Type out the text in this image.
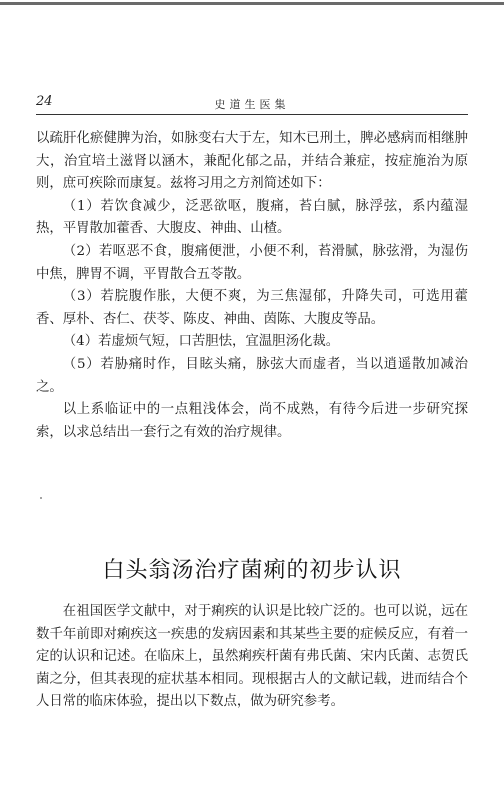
24	史道生医集

以疏肝化瘀健脾为治，如脉变右大于左，知木已刑土，脾必感病而相继肿大，治宜培土滋肾以涵木，兼配化郁之品，并结合兼症，按症施治为原则，庶可疾除而康复。兹将习用之方剂简述如下：

（1）若饮食减少，泛恶欲呕，腹痛，苔白腻，脉浮弦，系内蕴湿热，平胃散加藿香、大腹皮、神曲、山楂。

（2）若呕恶不食，腹痛便泄，小便不利，苔滑腻，脉弦滑，为湿伤中焦，脾胃不调，平胃散合五苓散。

（3）若脘腹作胀，大便不爽，为三焦湿郁，升降失司，可选用藿香、厚朴、杏仁、茯苓、陈皮、神曲、茵陈、大腹皮等品。

（4）若虚烦气短，口苦胆怯，宜温胆汤化裁。

（5）若胁痛时作，目眩头痛，脉弦大而虚者，当以逍遥散加减治之。

以上系临证中的一点粗浅体会，尚不成熟，有待今后进一步研究探索，以求总结出一套行之有效的治疗规律。

白头翁汤治疗菌痢的初步认识

在祖国医学文献中，对于痢疾的认识是比较广泛的。也可以说，远在数千年前即对痢疾这一疾患的发病因素和其某些主要的症候反应，有着一定的认识和记述。在临床上，虽然痢疾杆菌有弗氏菌、宋内氏菌、志贺氏菌之分，但其表现的症状基本相同。现根据古人的文献记载，进而结合个人日常的临床体验，提出以下数点，做为研究参考。
